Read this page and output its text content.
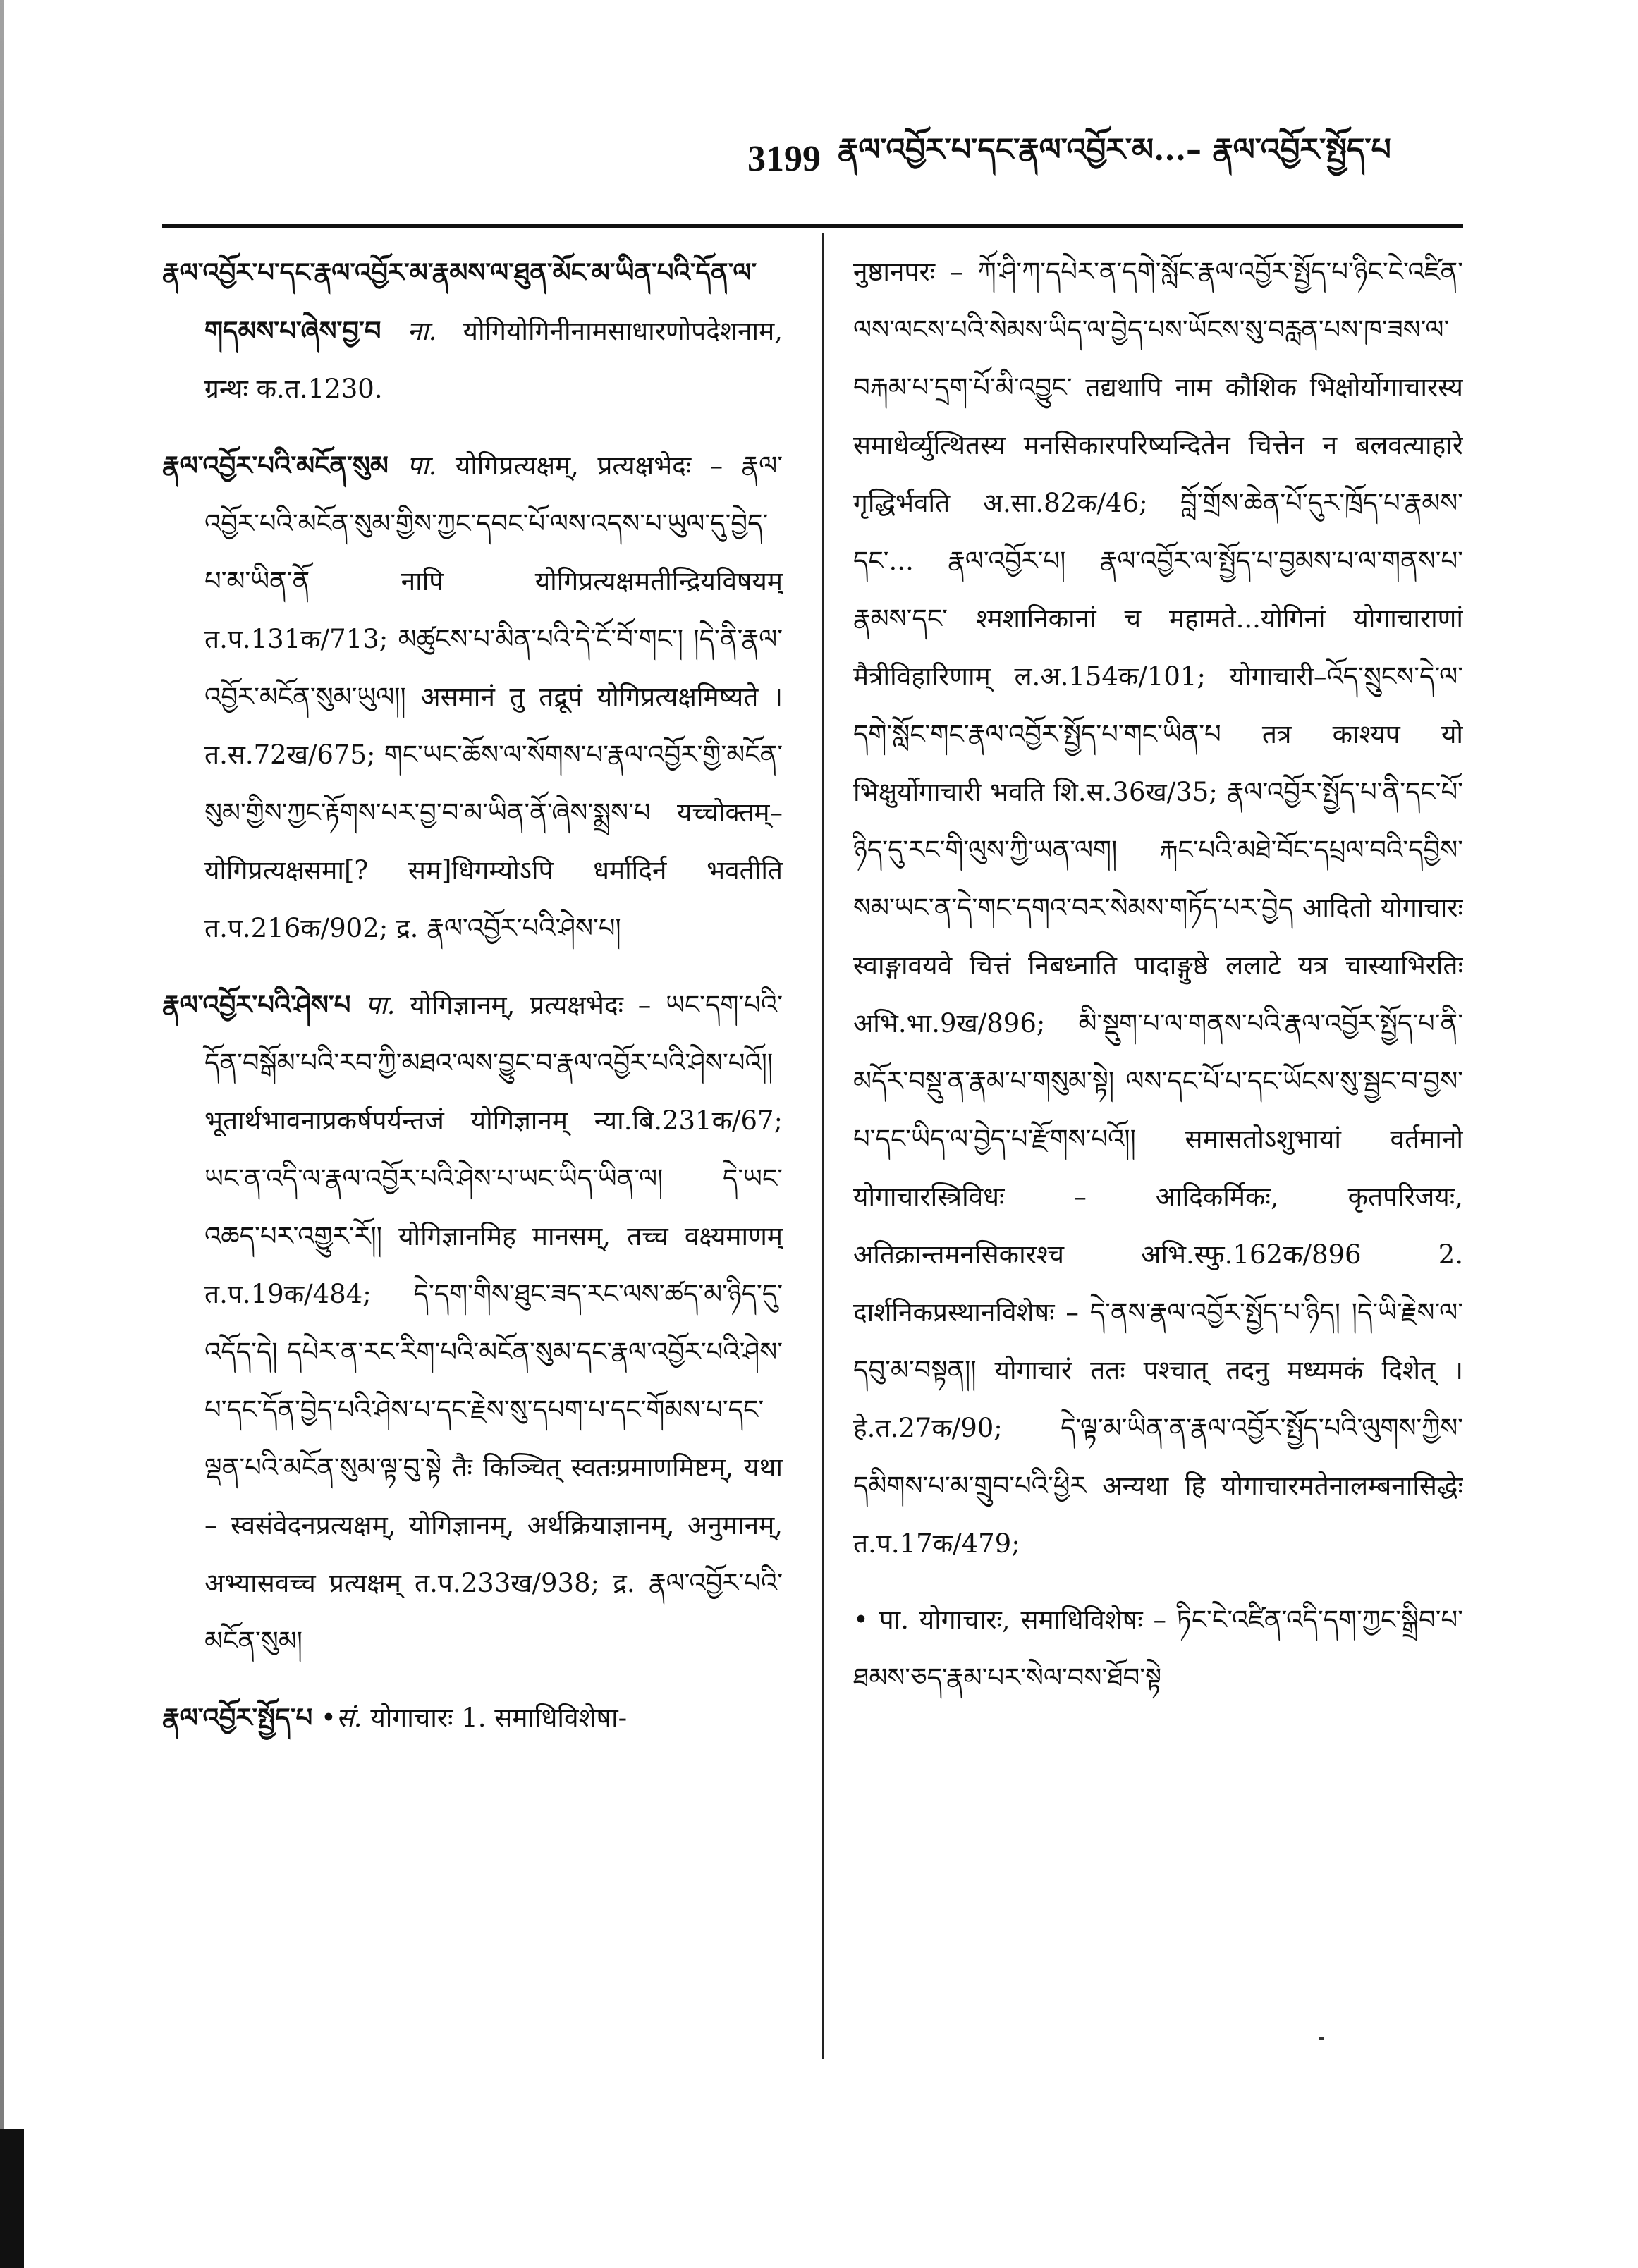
3199 རྣལ་འབྱོར་པ་དང་རྣལ་འབྱོར་མ...– རྣལ་འབྱོར་སྤྱོད་པ

རྣལ་འབྱོར་པ་དང་རྣལ་འབྱོར་མ་རྣམས་ལ་ཐུན་མོང་མ་ཡིན་པའི་དོན་ལ་གདམས་པ་ཞེས་བྱ་བ ना. योगियोगिनीनामसाधारणोपदेशनाम, ग्रन्थः क.त.1230.

རྣལ་འབྱོར་པའི་མངོན་སུམ पा. योगिप्रत्यक्षम्, प्रत्यक्षभेदः – རྣལ་འབྱོར་པའི་མངོན་སུམ་གྱིས་ཀྱང་དབང་པོ་ལས་འདས་པ་ཡུལ་དུ་བྱེད་པ་མ་ཡིན་ནོ नापि योगिप्रत्यक्षमतीन्द्रियविषयम् त.प.131क/713; མཚུངས་པ་མིན་པའི་དེ་ངོ་བོ་གང་། །དེ་ནི་རྣལ་འབྱོར་མངོན་སུམ་ཡུལ།། असमानं तु तद्रूपं योगिप्रत्यक्षमिष्यते । त.स.72ख/675; གང་ཡང་ཆོས་ལ་སོགས་པ་རྣལ་འབྱོར་གྱི་མངོན་སུམ་གྱིས་ཀྱང་རྟོགས་པར་བྱ་བ་མ་ཡིན་ནོ་ཞེས་སྨྲས་པ यच्चोक्तम्–योगिप्रत्यक्षसमा[? सम]धिगम्योऽपि धर्मादिर्न भवतीति त.प.216क/902; द्र. རྣལ་འབྱོར་པའི་ཤེས་པ།

རྣལ་འབྱོར་པའི་ཤེས་པ पा. योगिज्ञानम्, प्रत्यक्षभेदः – ཡང་དག་པའི་དོན་བསྒོམ་པའི་རབ་ཀྱི་མཐའ་ལས་བྱུང་བ་རྣལ་འབྱོར་པའི་ཤེས་པའོ།། भूतार्थभावनाप्रकर्षपर्यन्तजं योगिज्ञानम् न्या.बि.231क/67; ཡང་ན་འདི་ལ་རྣལ་འབྱོར་པའི་ཤེས་པ་ཡང་ཡིད་ཡིན་ལ། དེ་ཡང་འཆད་པར་འགྱུར་རོ།། योगिज्ञानमिह मानसम्, तच्च वक्ष्यमाणम् त.प.19क/484; དེ་དག་གིས་ཐུང་ཟད་རང་ལས་ཚད་མ་ཉིད་དུ་འདོད་དེ། དཔེར་ན་རང་རིག་པའི་མངོན་སུམ་དང་རྣལ་འབྱོར་པའི་ཤེས་པ་དང་དོན་བྱེད་པའི་ཤེས་པ་དང་རྗེས་སུ་དཔག་པ་དང་གོམས་པ་དང་ལྡན་པའི་མངོན་སུམ་ལྟ་བུ་སྟེ तैः किञ्चित् स्वतःप्रमाणमिष्टम्, यथा – स्वसंवेदनप्रत्यक्षम्, योगिज्ञानम्, अर्थक्रियाज्ञानम्, अनुमानम्, अभ्यासवच्च प्रत्यक्षम् त.प.233ख/938; द्र. རྣལ་འབྱོར་པའི་མངོན་སུམ།

རྣལ་འབྱོར་སྤྱོད་པ •सं. योगाचारः 1. समाधिविशेषा-

नुष्ठानपरः – ཀོ་ཤི་ཀ་དཔེར་ན་དགེ་སློང་རྣལ་འབྱོར་སྤྱོད་པ་ཉིང་ངེ་འཛིན་ལས་ལངས་པའི་སེམས་ཡིད་ལ་བྱེད་པས་ཡོངས་སུ་བརླན་པས་ཁ་ཟས་ལ་བརྐམ་པ་དྲག་པོ་མི་འབྱུང་ तद्यथापि नाम कौशिक भिक्षोर्योगाचारस्य समाधेर्व्युत्थितस्य मनसिकारपरिष्यन्दितेन चित्तेन न बलवत्याहारे गृद्धिर्भवति अ.सा.82क/46; བློ་གྲོས་ཆེན་པོ་དུར་ཁྲོད་པ་རྣམས་དང་... རྣལ་འབྱོར་པ། རྣལ་འབྱོར་ལ་སྤྱོད་པ་བྱམས་པ་ལ་གནས་པ་རྣམས་དང་ श्मशानिकानां च महामते...योगिनां योगाचाराणां मैत्रीविहारिणाम् ल.अ.154क/101; योगाचारी–འོད་སྲུངས་དེ་ལ་དགེ་སློང་གང་རྣལ་འབྱོར་སྤྱོད་པ་གང་ཡིན་པ तत्र काश्यप यो भिक्षुर्योगाचारी भवति शि.स.36ख/35; རྣལ་འབྱོར་སྤྱོད་པ་ནི་དང་པོ་ཉིད་དུ་རང་གི་ལུས་ཀྱི་ཡན་ལག། རྐང་པའི་མཐེ་བོང་དཔྲལ་བའི་དབྱིས་སམ་ཡང་ན་དེ་གང་དགའ་བར་སེམས་གཏོད་པར་བྱེད आदितो योगाचारः स्वाङ्गावयवे चित्तं निबध्नाति पादाङ्गुष्ठे ललाटे यत्र चास्याभिरतिः अभि.भा.9ख/896; མི་སྡུག་པ་ལ་གནས་པའི་རྣལ་འབྱོར་སྤྱོད་པ་ནི་མདོར་བསྡུ་ན་རྣམ་པ་གསུམ་སྟེ། ལས་དང་པོ་པ་དང་ཡོངས་སུ་སྦྱང་བ་བྱས་པ་དང་ཡིད་ལ་བྱེད་པ་རྫོགས་པའོ།། समासतोऽशुभायां वर्तमानो योगाचारस्त्रिविधः – आदिकर्मिकः, कृतपरिजयः, अतिक्रान्तमनसिकारश्च अभि.स्फु.162क/896 2. दार्शनिकप्रस्थानविशेषः – དེ་ནས་རྣལ་འབྱོར་སྤྱོད་པ་ཉིད། །དེ་ཡི་རྗེས་ལ་དབུ་མ་བསྟན།། योगाचारं ततः पश्चात् तदनु मध्यमकं दिशेत् । हे.त.27क/90; དེ་ལྟ་མ་ཡིན་ན་རྣལ་འབྱོར་སྤྱོད་པའི་ལུགས་ཀྱིས་དམིགས་པ་མ་གྲུབ་པའི་ཕྱིར अन्यथा हि योगाचारमतेनालम्बनासिद्धेः त.प.17क/479;

• पा. योगाचारः, समाधिविशेषः – ཏིང་ངེ་འཛིན་འདི་དག་ཀྱང་སྒྲིབ་པ་ཐམས་ཅད་རྣམ་པར་སེལ་བས་ཐོབ་སྟེ
